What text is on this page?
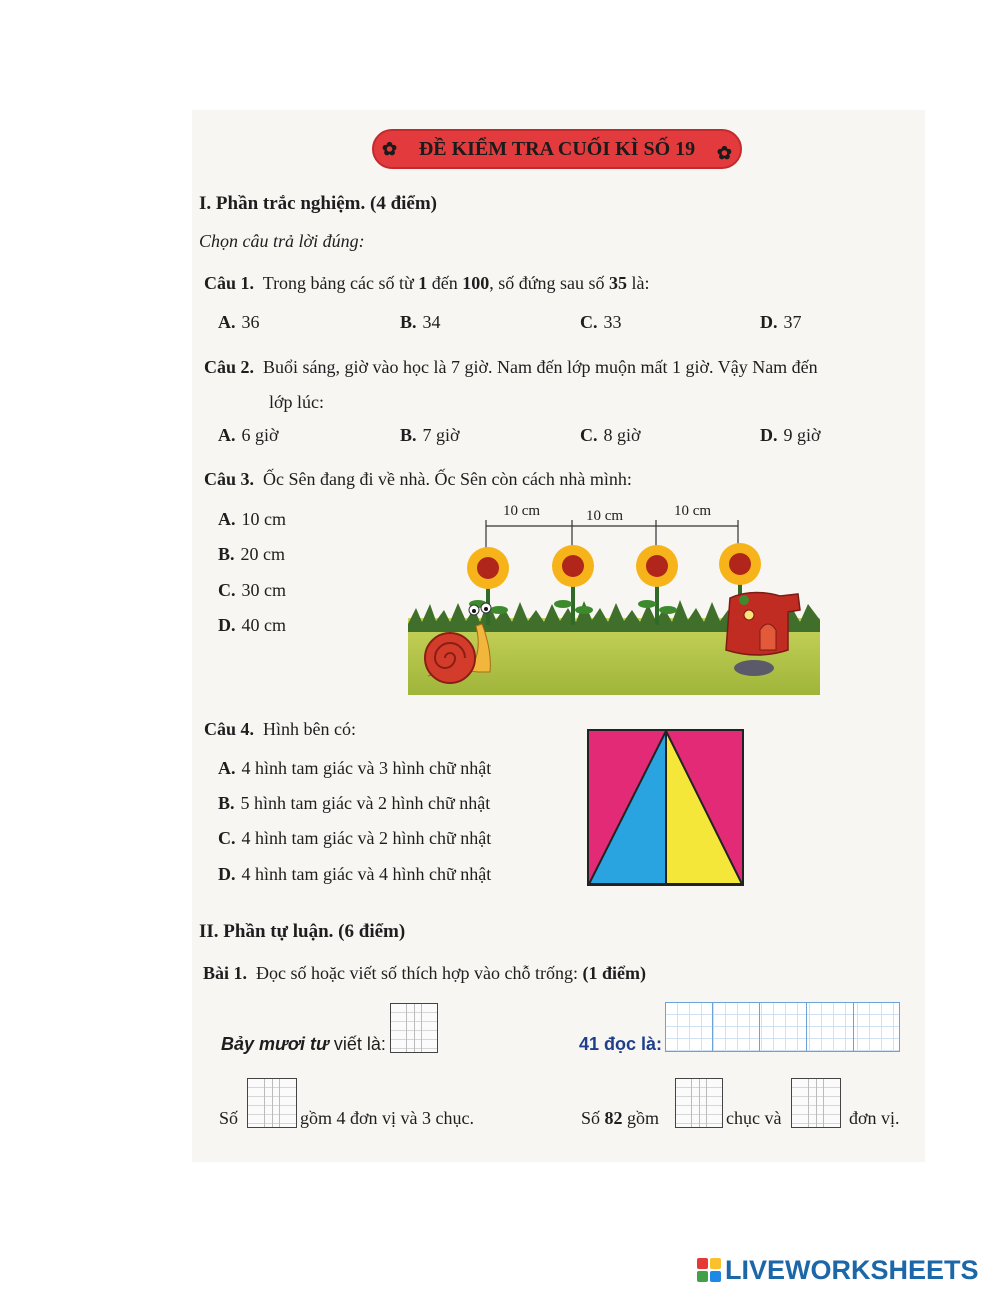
✿ ĐỀ KIỂM TRA CUỐI KÌ SỐ 19 ✿
I. Phần trắc nghiệm. (4 điểm)
Chọn câu trả lời đúng:
Câu 1. Trong bảng các số từ 1 đến 100, số đứng sau số 35 là:
A. 36	B. 34	C. 33	D. 37
Câu 2. Buổi sáng, giờ vào học là 7 giờ. Nam đến lớp muộn mất 1 giờ. Vậy Nam đến
lớp lúc:
A. 6 giờ	B. 7 giờ	C. 8 giờ	D. 9 giờ
Câu 3. Ốc Sên đang đi về nhà. Ốc Sên còn cách nhà mình:
A. 10 cm
B. 20 cm
C. 30 cm
D. 40 cm
10 cm	10 cm	10 cm
Câu 4. Hình bên có:
A. 4 hình tam giác và 3 hình chữ nhật
B. 5 hình tam giác và 2 hình chữ nhật
C. 4 hình tam giác và 2 hình chữ nhật
D. 4 hình tam giác và 4 hình chữ nhật
II. Phần tự luận. (6 điểm)
Bài 1. Đọc số hoặc viết số thích hợp vào chỗ trống: (1 điểm)
Bảy mươi tư viết là:	41 đọc là:
Số	gồm 4 đơn vị và 3 chục.	Số 82 gồm	chục và	đơn vị.
LIVEWORKSHEETS
